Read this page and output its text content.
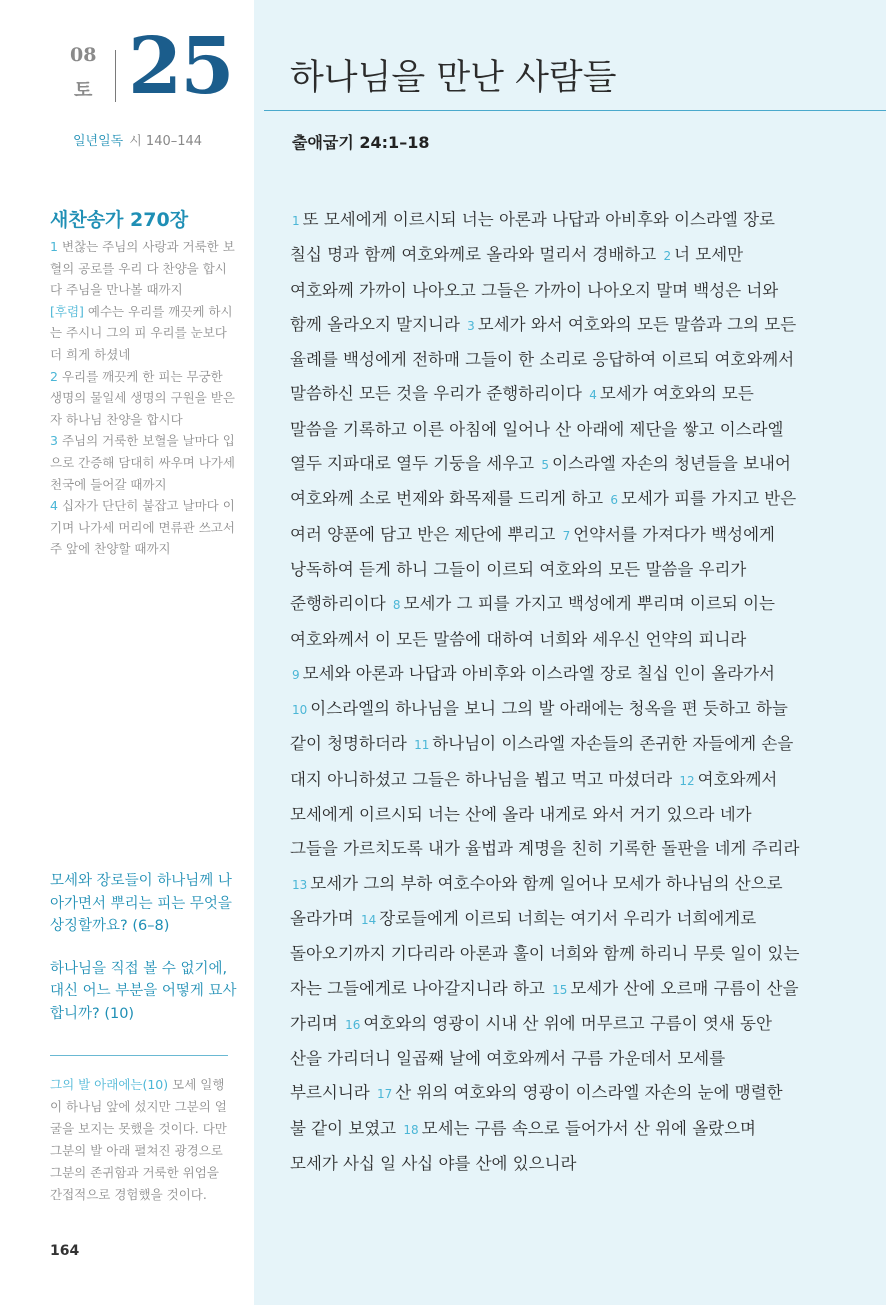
08
토 25
일년일독 시 140–144
새찬송가 270장
1 변찮는 주님의 사랑과 거룩한 보혈의 공로를 우리 다 찬양을 합시다 주님을 만나볼 때까지
[후렴] 예수는 우리를 깨끗케 하시는 주시니 그의 피 우리를 눈보다 더 희게 하셨네
2 우리를 깨끗케 한 피는 무궁한 생명의 물일세 생명의 구원을 받은 자 하나님 찬양을 합시다
3 주님의 거룩한 보혈을 날마다 입으로 간증해 담대히 싸우며 나가세 천국에 들어갈 때까지
4 십자가 단단히 붙잡고 날마다 이기며 나가세 머리에 면류관 쓰고서 주 앞에 찬양할 때까지

모세와 장로들이 하나님께 나아가면서 뿌리는 피는 무엇을 상징할까요? (6–8)

하나님을 직접 볼 수 없기에, 대신 어느 부분을 어떻게 묘사합니까? (10)

그의 발 아래에는(10) 모세 일행이 하나님 앞에 섰지만 그분의 얼굴을 보지는 못했을 것이다. 다만 그분의 발 아래 펼쳐진 광경으로 그분의 존귀함과 거룩한 위엄을 간접적으로 경험했을 것이다.
164
하나님을 만난 사람들
출애굽기 24:1–18
1 또 모세에게 이르시되 너는 아론과 나답과 아비후와 이스라엘 장로 칠십 명과 함께 여호와께로 올라와 멀리서 경배하고 2 너 모세만 여호와께 가까이 나아오고 그들은 가까이 나아오지 말며 백성은 너와 함께 올라오지 말지니라 3 모세가 와서 여호와의 모든 말씀과 그의 모든 율례를 백성에게 전하매 그들이 한 소리로 응답하여 이르되 여호와께서 말씀하신 모든 것을 우리가 준행하리이다 4 모세가 여호와의 모든 말씀을 기록하고 이른 아침에 일어나 산 아래에 제단을 쌓고 이스라엘 열두 지파대로 열두 기둥을 세우고 5 이스라엘 자손의 청년들을 보내어 여호와께 소로 번제와 화목제를 드리게 하고 6 모세가 피를 가지고 반은 여러 양푼에 담고 반은 제단에 뿌리고 7 언약서를 가져다가 백성에게 낭독하여 듣게 하니 그들이 이르되 여호와의 모든 말씀을 우리가 준행하리이다 8 모세가 그 피를 가지고 백성에게 뿌리며 이르되 이는 여호와께서 이 모든 말씀에 대하여 너희와 세우신 언약의 피니라 9 모세와 아론과 나답과 아비후와 이스라엘 장로 칠십 인이 올라가서 10 이스라엘의 하나님을 보니 그의 발 아래에는 청옥을 편 듯하고 하늘 같이 청명하더라 11 하나님이 이스라엘 자손들의 존귀한 자들에게 손을 대지 아니하셨고 그들은 하나님을 뵙고 먹고 마셨더라 12 여호와께서 모세에게 이르시되 너는 산에 올라 내게로 와서 거기 있으라 네가 그들을 가르치도록 내가 율법과 계명을 친히 기록한 돌판을 네게 주리라 13 모세가 그의 부하 여호수아와 함께 일어나 모세가 하나님의 산으로 올라가며 14 장로들에게 이르되 너희는 여기서 우리가 너희에게로 돌아오기까지 기다리라 아론과 훌이 너희와 함께 하리니 무릇 일이 있는 자는 그들에게로 나아갈지니라 하고 15 모세가 산에 오르매 구름이 산을 가리며 16 여호와의 영광이 시내 산 위에 머무르고 구름이 엿새 동안 산을 가리더니 일곱째 날에 여호와께서 구름 가운데서 모세를 부르시니라 17 산 위의 여호와의 영광이 이스라엘 자손의 눈에 맹렬한 불 같이 보였고 18 모세는 구름 속으로 들어가서 산 위에 올랐으며 모세가 사십 일 사십 야를 산에 있으니라
